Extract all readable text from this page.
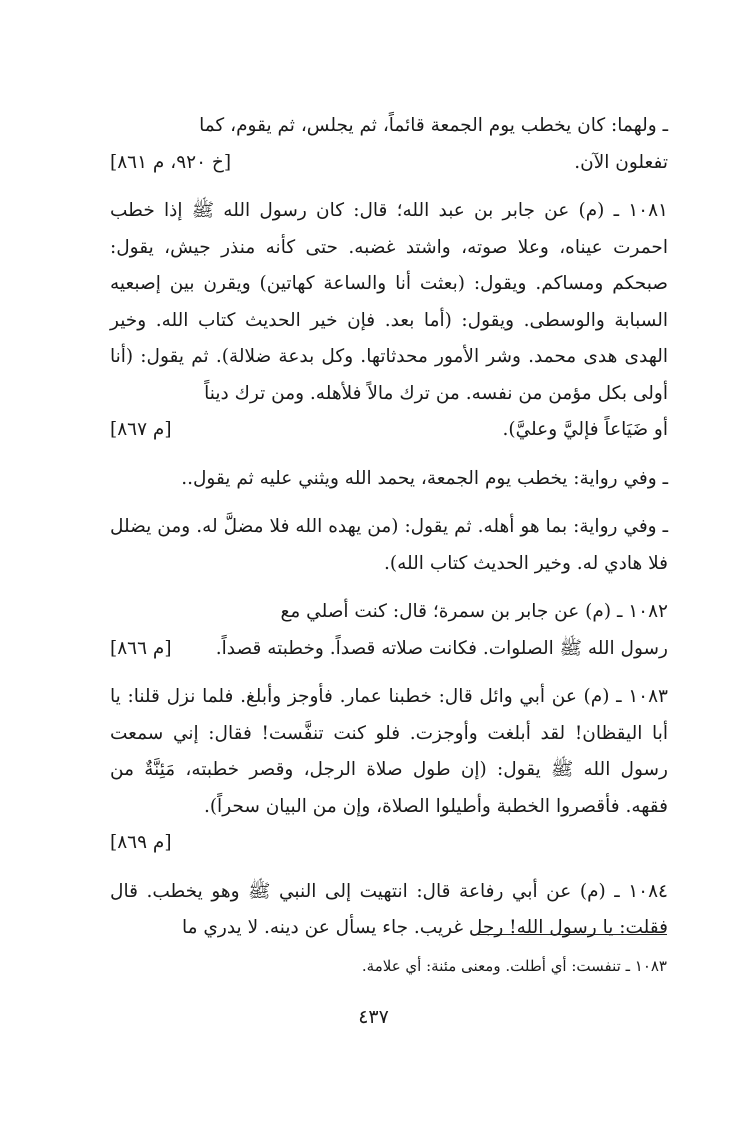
ـ ولهما: كان يخطب يوم الجمعة قائماً، ثم يجلس، ثم يقوم، كما

تفعلون الآن.
[خ ٩٢٠، م ٨٦١]

١٠٨١ ـ (م) عن جابر بن عبد الله؛ قال: كان رسول الله ﷺ إذا خطب احمرت عيناه، وعلا صوته، واشتد غضبه. حتى كأنه منذر جيش، يقول: صبحكم ومساكم. ويقول: (بعثت أنا والساعة كهاتين) ويقرن بين إصبعيه السبابة والوسطى. ويقول: (أما بعد. فإن خير الحديث كتاب الله. وخير الهدى هدى محمد. وشر الأمور محدثاتها. وكل بدعة ضلالة). ثم يقول: (أنا أولى بكل مؤمن من نفسه. من ترك مالاً فلأهله. ومن ترك ديناً

أو ضَيَاعاً فإليَّ وعليَّ).
[م ٨٦٧]

ـ وفي رواية: يخطب يوم الجمعة، يحمد الله ويثني عليه ثم يقول..

ـ وفي رواية: بما هو أهله. ثم يقول: (من يهده الله فلا مضلَّ له. ومن يضلل فلا هادي له. وخير الحديث كتاب الله).

١٠٨٢ ـ (م) عن جابر بن سمرة؛ قال: كنت أصلي مع

رسول الله ﷺ الصلوات. فكانت صلاته قصداً. وخطبته قصداً.
[م ٨٦٦]

١٠٨٣ ـ (م) عن أبي وائل قال: خطبنا عمار. فأوجز وأبلغ. فلما نزل قلنا: يا أبا اليقظان! لقد أبلغت وأوجزت. فلو كنت تنفَّست! فقال: إني سمعت رسول الله ﷺ يقول: (إن طول صلاة الرجل، وقصر خطبته، مَئِنَّةٌ من فقهه. فأقصروا الخطبة وأطيلوا الصلاة، وإن من البيان سحراً).

[م ٨٦٩]

١٠٨٤ ـ (م) عن أبي رفاعة قال: انتهيت إلى النبي ﷺ وهو يخطب. قال فقلت: يا رسول الله! رجل غريب. جاء يسأل عن دينه. لا يدري ما

١٠٨٣ ـ تنفست: أي أطلت. ومعنى مئنة: أي علامة.
٤٣٧
